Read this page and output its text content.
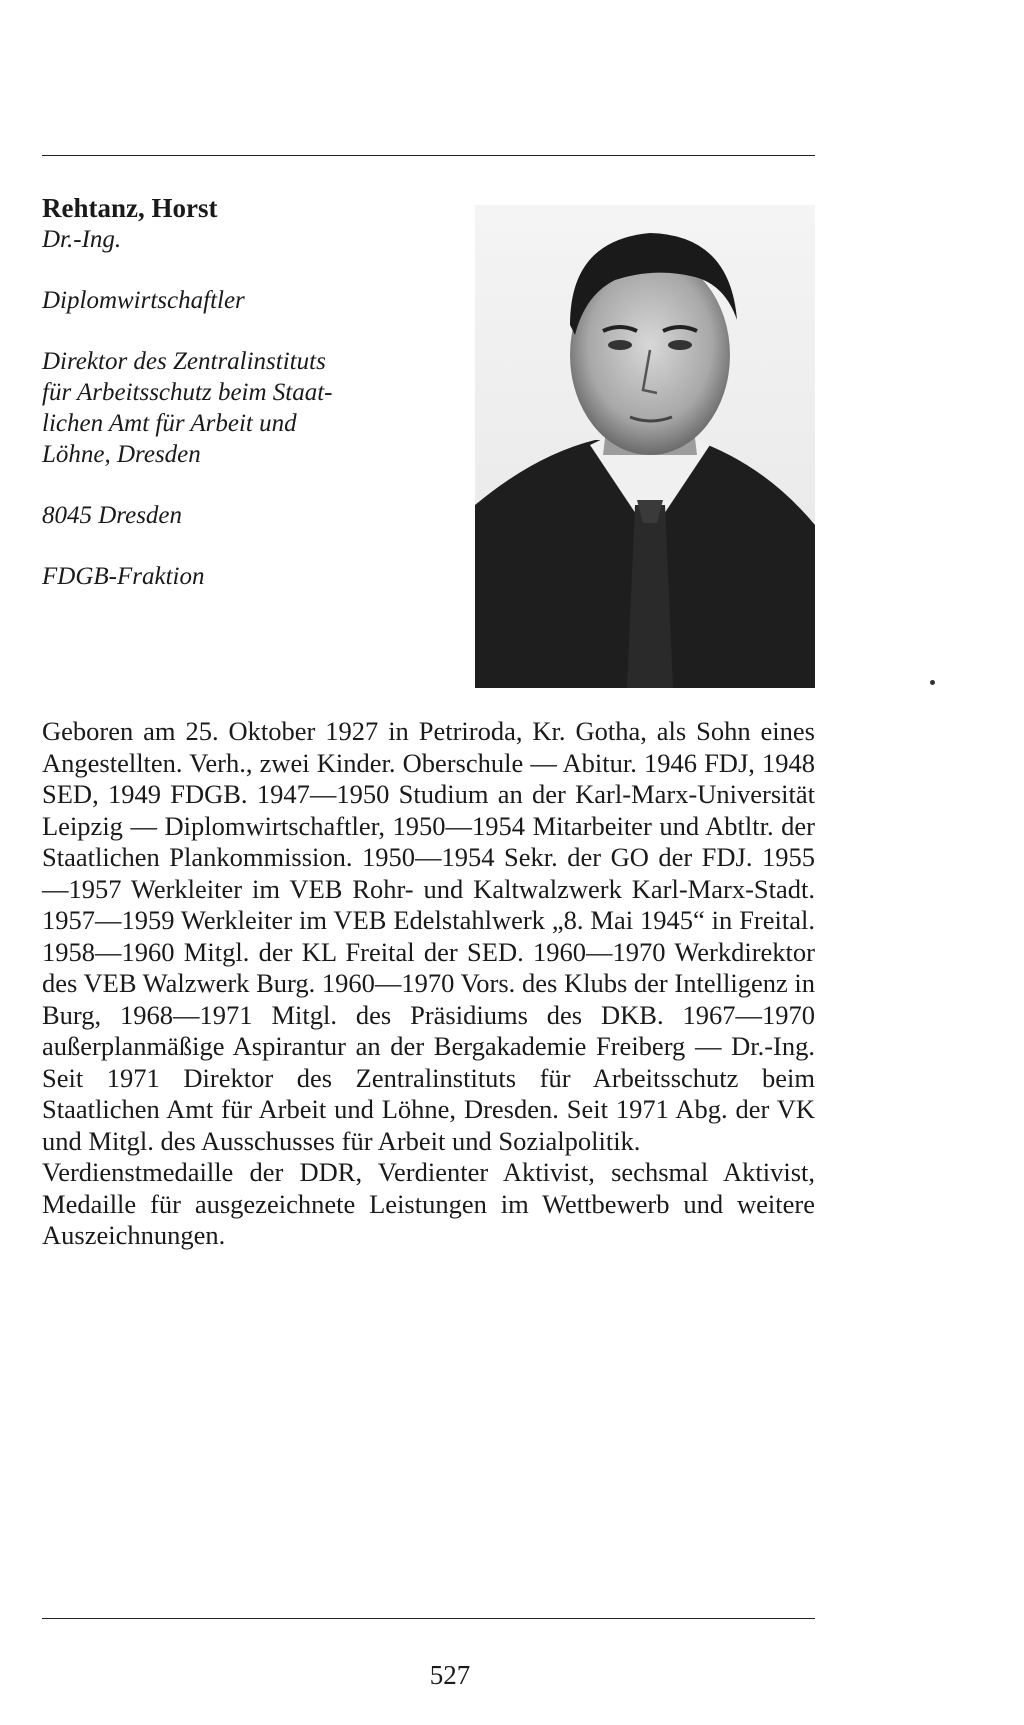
Rehtanz, Horst

Dr.-Ing.

Diplomwirtschaftler

Direktor des Zentralinstituts

für Arbeitsschutz beim Staat-

lichen Amt für Arbeit und

Löhne, Dresden

8045 Dresden

FDGB-Fraktion

Geboren am 25. Oktober 1927 in Petriroda, Kr. Gotha, als Sohn eines Angestellten. Verh., zwei Kinder. Oberschule — Abitur. 1946 FDJ, 1948 SED, 1949 FDGB. 1947—1950 Studium an der Karl-Marx-Universität Leipzig — Diplomwirtschaftler, 1950—1954 Mitarbeiter und Abtltr. der Staatlichen Plankommission. 1950—1954 Sekr. der GO der FDJ. 1955—1957 Werkleiter im VEB Rohr- und Kaltwalzwerk Karl-Marx-Stadt. 1957—1959 Werkleiter im VEB Edelstahlwerk „8. Mai 1945“ in Freital. 1958—1960 Mitgl. der KL Freital der SED. 1960—1970 Werkdirektor des VEB Walzwerk Burg. 1960—1970 Vors. des Klubs der Intelligenz in Burg, 1968—1971 Mitgl. des Präsidiums des DKB. 1967—1970 außerplanmäßige Aspirantur an der Bergakademie Freiberg — Dr.-Ing. Seit 1971 Direktor des Zentralinstituts für Arbeitsschutz beim Staatlichen Amt für Arbeit und Löhne, Dresden. Seit 1971 Abg. der VK und Mitgl. des Ausschusses für Arbeit und Sozialpolitik.

Verdienstmedaille der DDR, Verdienter Aktivist, sechsmal Aktivist, Medaille für ausgezeichnete Leistungen im Wettbewerb und weitere Auszeichnungen.

527
